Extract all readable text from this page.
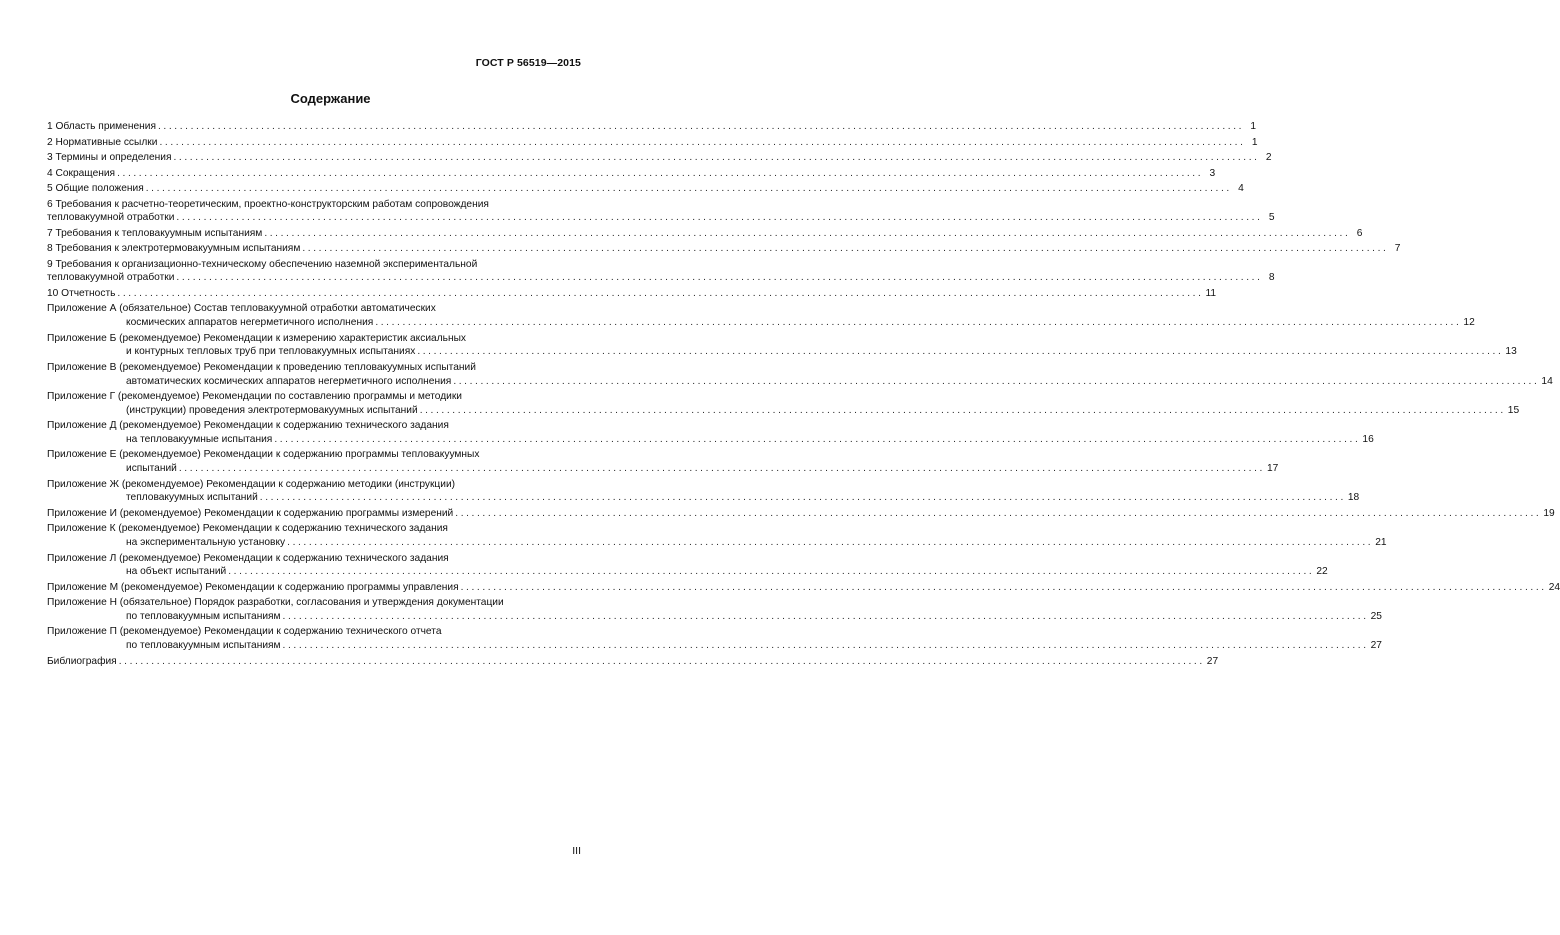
ГОСТ Р 56519—2015
Содержание
1 Область применения ........................................................................................................................................................................................................ 1
2 Нормативные ссылки ........................................................................................................................................................................................................ 1
3 Термины и определения ........................................................................................................................................................................................................ 2
4 Сокращения ........................................................................................................................................................................................................ 3
5 Общие положения ........................................................................................................................................................................................................ 4
6 Требования к расчетно-теоретическим, проектно-конструкторским работам сопровождения
тепловакуумной отработки ........................................................................................................................................................................................................ 5
7 Требования к тепловакуумным испытаниям ........................................................................................................................................................................................................ 6
8 Требования к электротермовакуумным испытаниям ........................................................................................................................................................................................................ 7
9 Требования к организационно-техническому обеспечению наземной экспериментальной
тепловакуумной отработки ........................................................................................................................................................................................................ 8
10 Отчетность ........................................................................................................................................................................................................ 11
Приложение А (обязательное) Состав тепловакуумной отработки автоматических
космических аппаратов негерметичного исполнения ........................................................................................................................................................................................................ 12
Приложение Б (рекомендуемое) Рекомендации к измерению характеристик аксиальных
и контурных тепловых труб при тепловакуумных испытаниях ........................................................................................................................................................................................................ 13
Приложение В (рекомендуемое) Рекомендации к проведению тепловакуумных испытаний
автоматических космических аппаратов негерметичного исполнения ........................................................................................................................................................................................................ 14
Приложение Г (рекомендуемое) Рекомендации по составлению программы и методики
(инструкции) проведения электротермовакуумных испытаний ........................................................................................................................................................................................................ 15
Приложение Д (рекомендуемое) Рекомендации к содержанию технического задания
на тепловакуумные испытания ........................................................................................................................................................................................................ 16
Приложение Е (рекомендуемое) Рекомендации к содержанию программы тепловакуумных
испытаний ........................................................................................................................................................................................................ 17
Приложение Ж (рекомендуемое) Рекомендации к содержанию методики (инструкции)
тепловакуумных испытаний ........................................................................................................................................................................................................ 18
Приложение И (рекомендуемое) Рекомендации к содержанию программы измерений ........................................................................................................................................................................................................ 19
Приложение К (рекомендуемое) Рекомендации к содержанию технического задания
на экспериментальную установку ........................................................................................................................................................................................................ 21
Приложение Л (рекомендуемое) Рекомендации к содержанию технического задания
на объект испытаний ........................................................................................................................................................................................................ 22
Приложение М (рекомендуемое) Рекомендации к содержанию программы управления ........................................................................................................................................................................................................ 24
Приложение Н (обязательное) Порядок разработки, согласования и утверждения документации
по тепловакуумным испытаниям ........................................................................................................................................................................................................ 25
Приложение П (рекомендуемое) Рекомендации к содержанию технического отчета
по тепловакуумным испытаниям ........................................................................................................................................................................................................ 27
Библиография ........................................................................................................................................................................................................ 27
III
